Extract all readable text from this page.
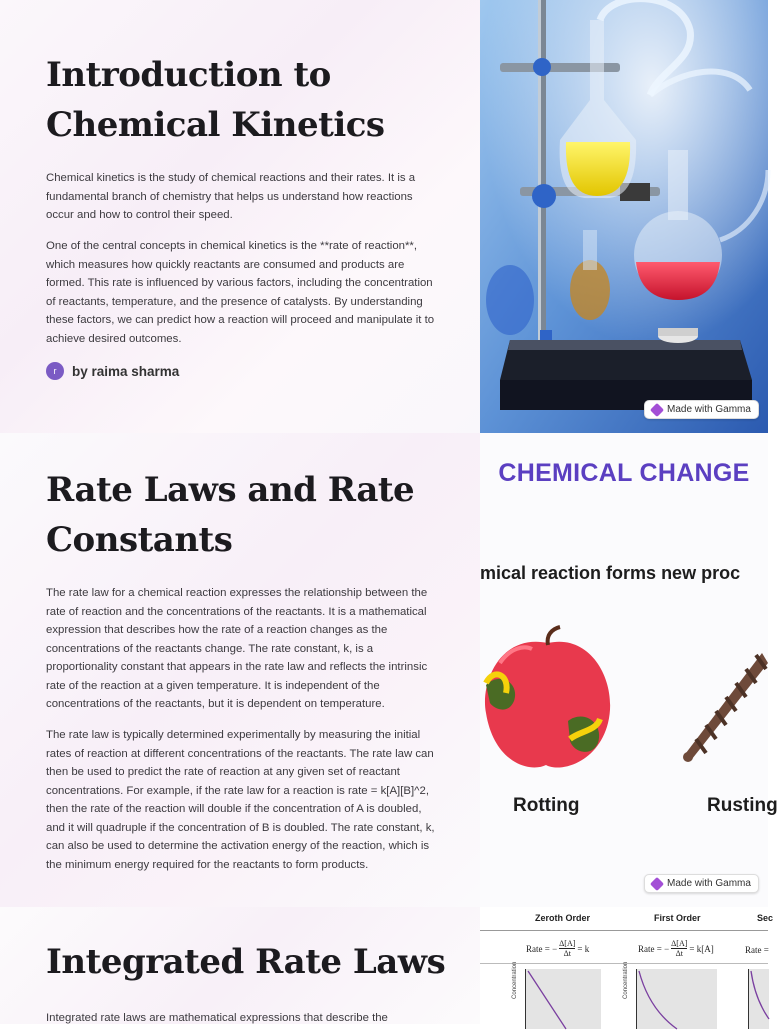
Introduction to Chemical Kinetics

Chemical kinetics is the study of chemical reactions and their rates. It is a fundamental branch of chemistry that helps us understand how reactions occur and how to control their speed.

One of the central concepts in chemical kinetics is the **rate of reaction**, which measures how quickly reactants are consumed and products are formed. This rate is influenced by various factors, including the concentration of reactants, temperature, and the presence of catalysts. By understanding these factors, we can predict how a reaction will proceed and manipulate it to achieve desired outcomes.

r	by raima sharma
Made with Gamma
Rate Laws and Rate Constants

The rate law for a chemical reaction expresses the relationship between the rate of reaction and the concentrations of the reactants. It is a mathematical expression that describes how the rate of a reaction changes as the concentrations of the reactants change. The rate constant, k, is a proportionality constant that appears in the rate law and reflects the intrinsic rate of the reaction at a given temperature. It is independent of the concentrations of the reactants, but it is dependent on temperature.

The rate law is typically determined experimentally by measuring the initial rates of reaction at different concentrations of the reactants. The rate law can then be used to predict the rate of reaction at any given set of reactant concentrations. For example, if the rate law for a reaction is rate = k[A][B]^2, then the rate of the reaction will double if the concentration of A is doubled, and it will quadruple if the concentration of B is doubled. The rate constant, k, can also be used to determine the activation energy of the reaction, which is the minimum energy required for the reactants to form products.

CHEMICAL CHANGE
mical reaction forms new proc
Rotting	Rusting
Made with Gamma
Integrated Rate Laws

Integrated rate laws are mathematical expressions that describe the

Zeroth Order	First Order	Sec
Rate = − $\frac{\Delta[A]}{\Delta t} = k$	Rate = − $\frac{\Delta[A]}{\Delta t} = k[A]$	Rate =
Concentration	Concentration
